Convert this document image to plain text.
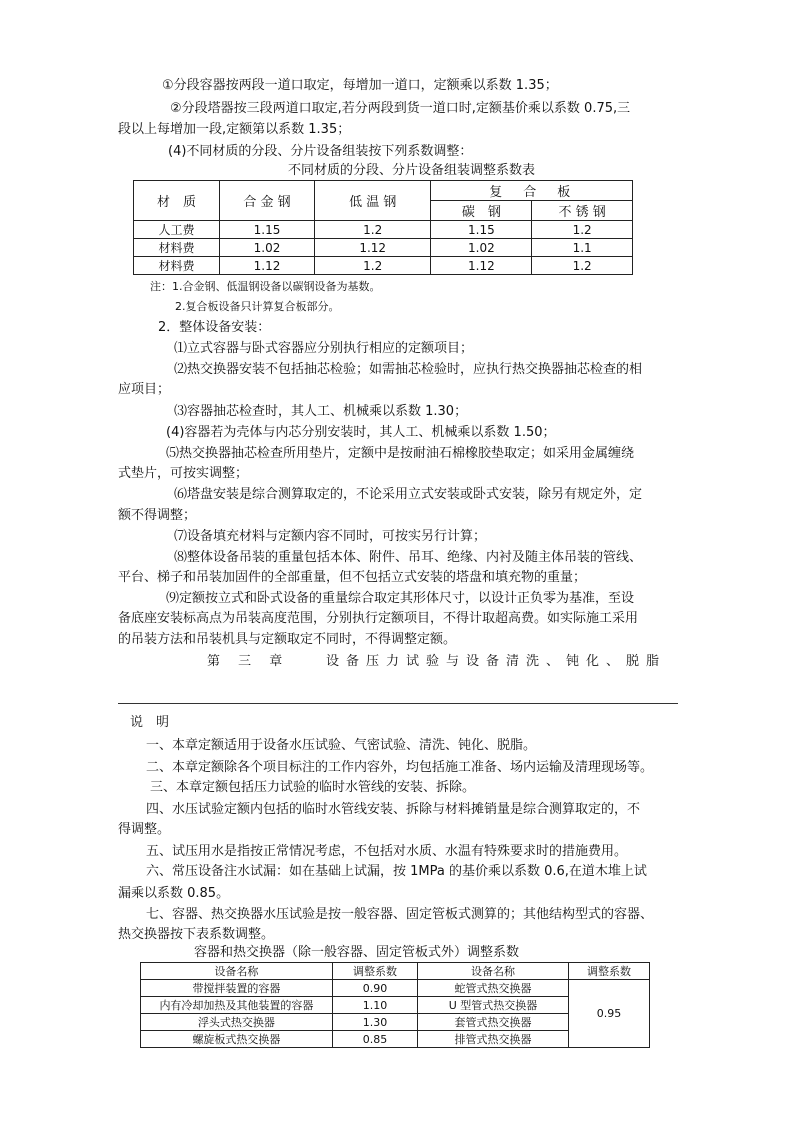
①分段容器按两段一道口取定，每增加一道口，定额乘以系数 1.35；
②分段塔器按三段两道口取定,若分两段到货一道口时,定额基价乘以系数 0.75,三
段以上每增加一段,定额第以系数 1.35；
(4)不同材质的分段、分片设备组装按下列系数调整：
不同材质的分段、分片设备组装调整系数表
材　质	合 金 钢	低 温 钢	复　合　板	
			碳　钢	不 锈 钢
人工费	1.15	1.2	1.15	1.2
材料费	1.02	1.12	1.02	1.1
材料费	1.12	1.2	1.12	1.2
注：1.合金钢、低温钢设备以碳钢设备为基数。
2.复合板设备只计算复合板部分。
2．整体设备安装：
⑴立式容器与卧式容器应分别执行相应的定额项目；
⑵热交换器安装不包括抽芯检验；如需抽芯检验时，应执行热交换器抽芯检查的相
应项目；
⑶容器抽芯检查时，其人工、机械乘以系数 1.30；
(4)容器若为壳体与内芯分别安装时，其人工、机械乘以系数 1.50；
⑸热交换器抽芯检查所用垫片，定额中是按耐油石棉橡胶垫取定；如采用金属缠绕
式垫片，可按实调整；
⑹塔盘安装是综合测算取定的，不论采用立式安装或卧式安装，除另有规定外，定
额不得调整；
⑺设备填充材料与定额内容不同时，可按实另行计算；
⑻整体设备吊装的重量包括本体、附件、吊耳、绝缘、内衬及随主体吊装的管线、
平台、梯子和吊装加固件的全部重量，但不包括立式安装的塔盘和填充物的重量；
⑼定额按立式和卧式设备的重量综合取定其形体尺寸，以设计正负零为基准，至设
备底座安装标高点为吊装高度范围，分别执行定额项目，不得计取超高费。如实际施工采用
的吊装方法和吊装机具与定额取定不同时，不得调整定额。
第 三 章	设备压力试验与设备清洗、钝化、脱脂
说　明
一、本章定额适用于设备水压试验、气密试验、清洗、钝化、脱脂。
二、本章定额除各个项目标注的工作内容外，均包括施工准备、场内运输及清理现场等。
三、本章定额包括压力试验的临时水管线的安装、拆除。
四、水压试验定额内包括的临时水管线安装、拆除与材料摊销量是综合测算取定的，不
得调整。
五、试压用水是指按正常情况考虑，不包括对水质、水温有特殊要求时的措施费用。
六、常压设备注水试漏：如在基础上试漏，按 1MPa 的基价乘以系数 0.6,在道木堆上试
漏乘以系数 0.85。
七、容器、热交换器水压试验是按一般容器、固定管板式测算的；其他结构型式的容器、
热交换器按下表系数调整。
容器和热交换器（除一般容器、固定管板式外）调整系数
设备名称	调整系数	设备名称	调整系数
带搅拌装置的容器	0.90	蛇管式热交换器	0.95
内有冷却加热及其他装置的容器	1.10	U 型管式热交换器	
浮头式热交换器	1.30	套管式热交换器	
螺旋板式热交换器	0.85	排管式热交换器	
